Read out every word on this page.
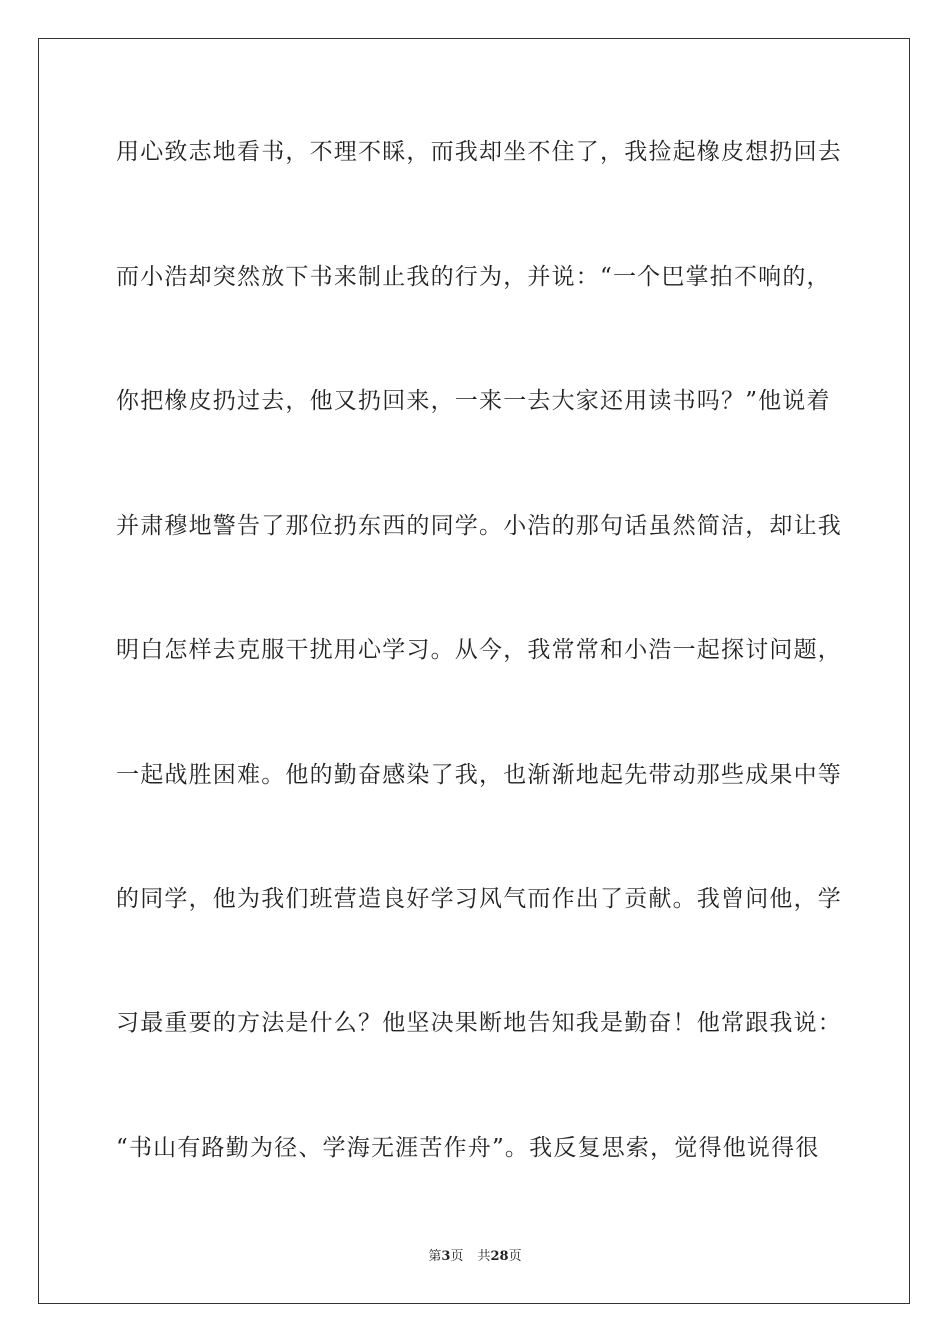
用心致志地看书，不理不睬，而我却坐不住了，我捡起橡皮想扔回去
而小浩却突然放下书来制止我的行为，并说：“一个巴掌拍不响的，
你把橡皮扔过去，他又扔回来，一来一去大家还用读书吗？”他说着
并肃穆地警告了那位扔东西的同学。小浩的那句话虽然简洁，却让我
明白怎样去克服干扰用心学习。从今，我常常和小浩一起探讨问题，
一起战胜困难。他的勤奋感染了我，也渐渐地起先带动那些成果中等
的同学，他为我们班营造良好学习风气而作出了贡献。我曾问他，学
习最重要的方法是什么？他坚决果断地告知我是勤奋！他常跟我说：
“书山有路勤为径、学海无涯苦作舟”。我反复思索，觉得他说得很
第3页 共28页
